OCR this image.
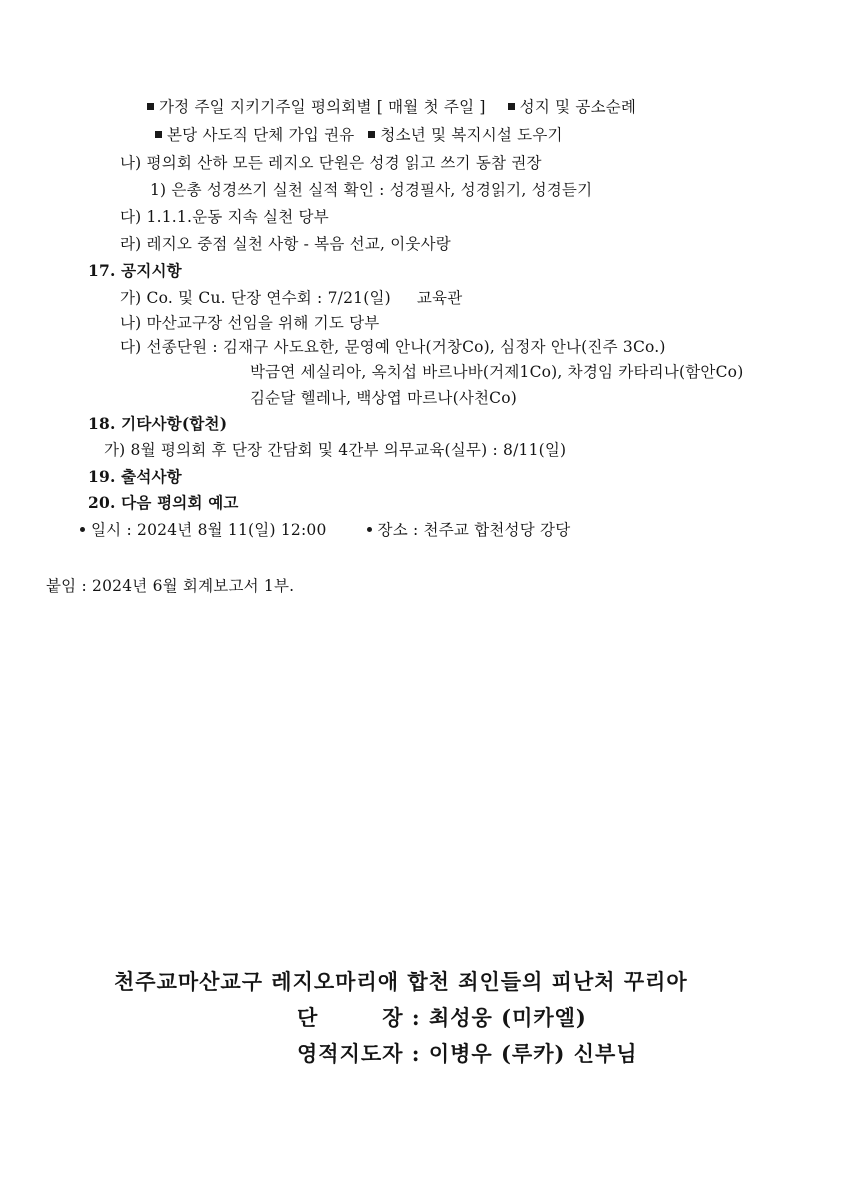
가정 주일 지키기주일 평의회별 [ 매월 첫 주일 ] 성지 및 공소순례
본당 사도직 단체 가입 권유 청소년 및 복지시설 도우기
나) 평의회 산하 모든 레지오 단원은 성경 읽고 쓰기 동참 권장
1) 은총 성경쓰기 실천 실적 확인 : 성경필사, 성경읽기, 성경듣기
다) 1.1.1.운동 지속 실천 당부
라) 레지오 중점 실천 사항 - 복음 선교, 이웃사랑
17. 공지시항
가) Co. 및 Cu. 단장 연수회 : 7/21(일) 교육관
나) 마산교구장 선임을 위해 기도 당부
다) 선종단원 : 김재구 사도요한, 문영예 안나(거창Co), 심정자 안나(진주 3Co.)
박금연 세실리아, 옥치섭 바르나바(거제1Co), 차경임 카타리나(함안Co)
김순달 헬레나, 백상엽 마르나(사천Co)
18. 기타사항(합천)
가) 8월 평의회 후 단장 간담회 및 4간부 의무교육(실무) : 8/11(일)
19. 출석사항
20. 다음 평의회 예고
일시 : 2024년 8월 11(일) 12:00	장소 : 천주교 합천성당 강당
붙임 : 2024년 6월 회계보고서 1부.
천주교마산교구 레지오마리애 합천 죄인들의 피난처 꾸리아
단	장 : 최성웅 (미카엘)
영적지도자 : 이병우 (루카) 신부님
